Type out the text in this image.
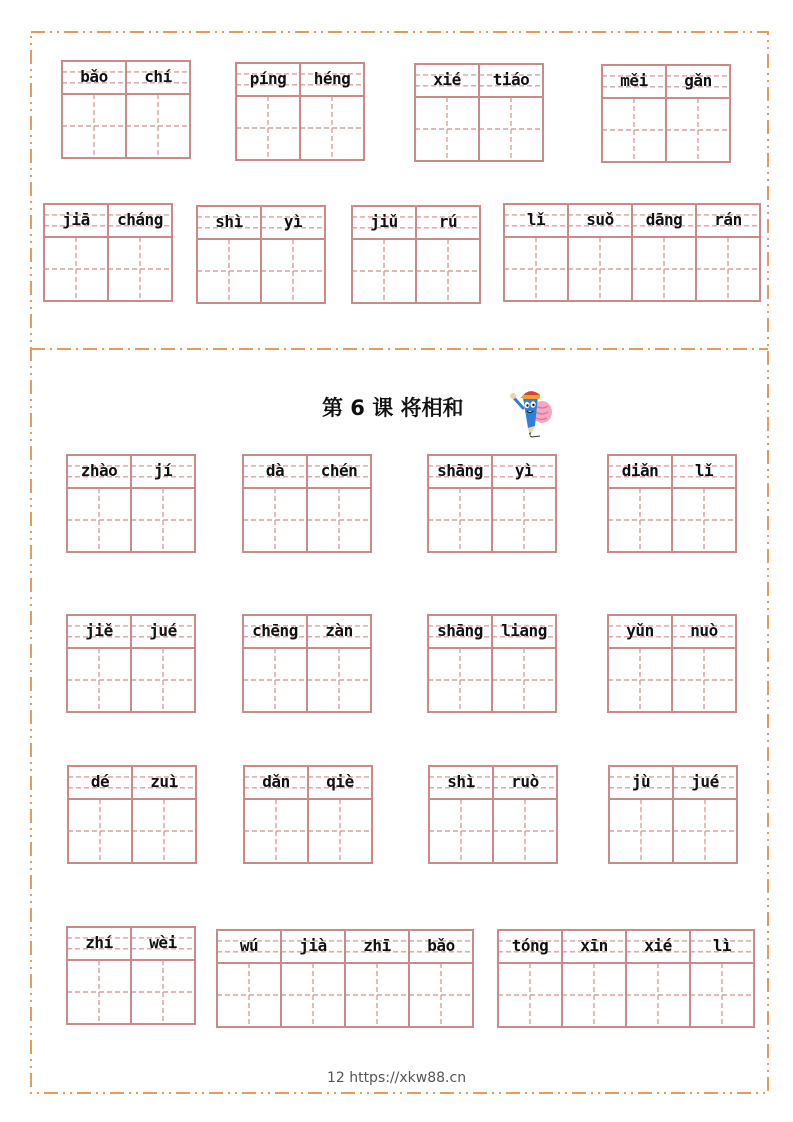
bǎo	chí	píng	héng	xié	tiáo	měi	gǎn
jiā	cháng	shì	yì	jiǔ	rú	lǐ	suǒ	dāng	rán
第 6 课 将相和
zhào	jí	dà	chén	shāng	yì	diǎn	lǐ
jiě	jué	chēng	zàn	shāng	liang	yǔn	nuò
dé	zuì	dǎn	qiè	shì	ruò	jù	jué
zhí	wèi	wú	jià	zhī	bǎo	tóng	xīn	xié	lì
12 https://xkw88.cn
